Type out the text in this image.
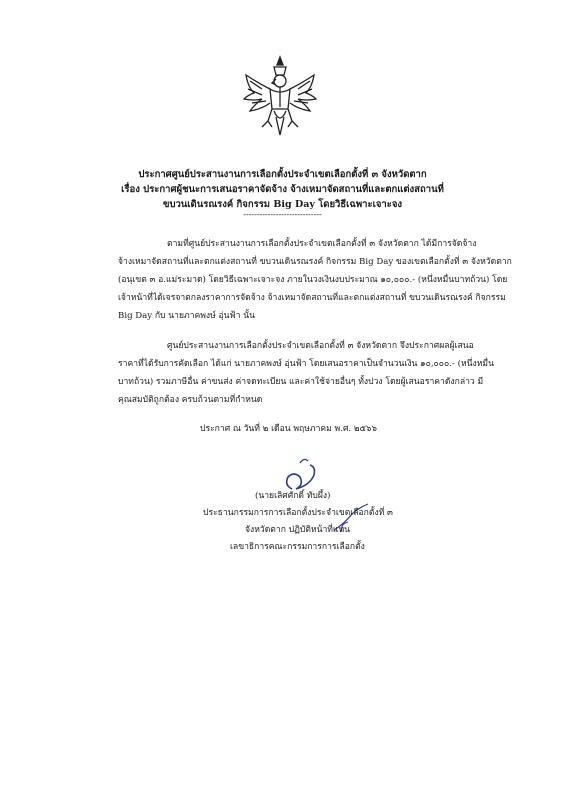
ประกาศศูนย์ประสานงานการเลือกตั้งประจำเขตเลือกตั้งที่ ๓ จังหวัดตาก
เรื่อง ประกาศผู้ชนะการเสนอราคาจัดจ้าง จ้างเหมาจัดสถานที่และตกแต่งสถานที่
ขบวนเดินรณรงค์ กิจกรรม Big Day โดยวิธีเฉพาะเจาะจง
-----------------------------
ตามที่ศูนย์ประสานงานการเลือกตั้งประจำเขตเลือกตั้งที่ ๓ จังหวัดตาก ได้มีการจัดจ้าง
จ้างเหมาจัดสถานที่และตกแต่งสถานที่ ขบวนเดินรณรงค์ กิจกรรม Big Day ของเขตเลือกตั้งที่ ๓ จังหวัดตาก
(อนุเขต ๓ อ.แม่ระมาด) โดยวิธีเฉพาะเจาะจง ภายในวงเงินงบประมาณ ๑๐,๐๐๐.- (หนึ่งหมื่นบาทถ้วน) โดย
เจ้าหน้าที่ได้เจรจาตกลงราคาการจัดจ้าง จ้างเหมาจัดสถานที่และตกแต่งสถานที่ ขบวนเดินรณรงค์ กิจกรรม
Big Day กับ นายภาคพงษ์ อุ่นฟ้า นั้น
ศูนย์ประสานงานการเลือกตั้งประจำเขตเลือกตั้งที่ ๓ จังหวัดตาก จึงประกาศผลผู้เสนอ
ราคาที่ได้รับการคัดเลือก ได้แก่ นายภาคพงษ์ อุ่นฟ้า โดยเสนอราคาเป็นจำนวนเงิน ๑๐,๐๐๐.- (หนึ่งหมื่น
บาทถ้วน) รวมภาษีอื่น ค่าขนส่ง ค่าจดทะเบียน และค่าใช้จ่ายอื่นๆ ทั้งปวง โดยผู้เสนอราคาดังกล่าว มี
คุณสมบัติถูกต้อง ครบถ้วนตามที่กำหนด
ประกาศ ณ วันที่ ๒ เดือน พฤษภาคม พ.ศ. ๒๕๖๖
(นายเลิศศักดิ์ ทับผึ้ง)
ประธานกรรมการการเลือกตั้งประจำเขตเลือกตั้งที่ ๓
จังหวัดตาก ปฏิบัติหน้าที่แทน
เลขาธิการคณะกรรมการการเลือกตั้ง
